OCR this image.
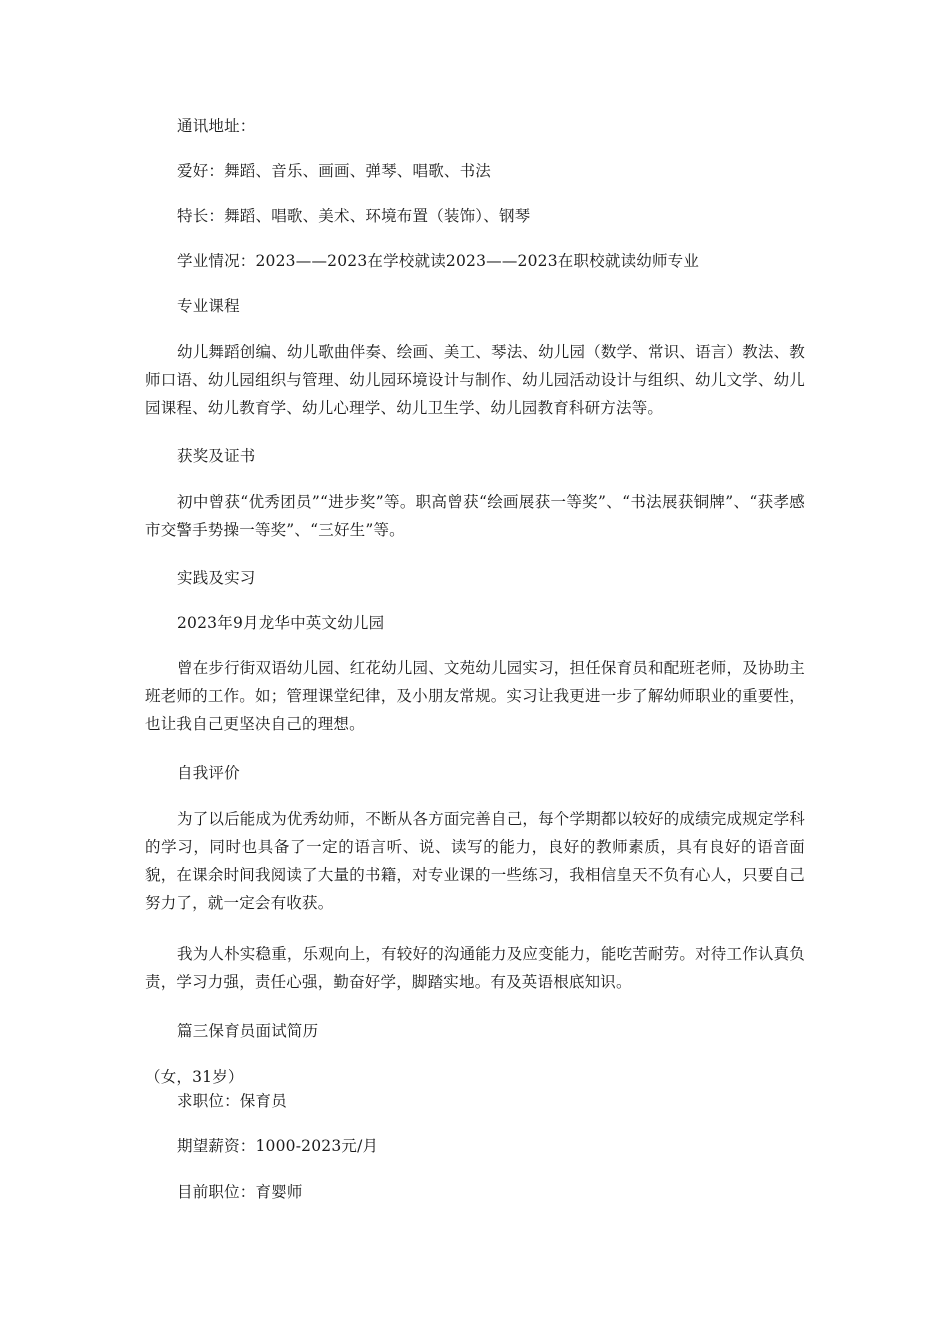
通讯地址：

爱好：舞蹈、音乐、画画、弹琴、唱歌、书法

特长：舞蹈、唱歌、美术、环境布置（装饰）、钢琴

学业情况：2023——2023在学校就读2023——2023在职校就读幼师专业

专业课程

幼儿舞蹈创编、幼儿歌曲伴奏、绘画、美工、琴法、幼儿园（数学、常识、语言）教法、教师口语、幼儿园组织与管理、幼儿园环境设计与制作、幼儿园活动设计与组织、幼儿文学、幼儿园课程、幼儿教育学、幼儿心理学、幼儿卫生学、幼儿园教育科研方法等。

获奖及证书

初中曾获“优秀团员”“进步奖”等。职高曾获“绘画展获一等奖”、“书法展获铜牌”、“获孝感市交警手势操一等奖”、“三好生”等。

实践及实习

2023年9月龙华中英文幼儿园

曾在步行街双语幼儿园、红花幼儿园、文苑幼儿园实习，担任保育员和配班老师，及协助主班老师的工作。如；管理课堂纪律，及小朋友常规。实习让我更进一步了解幼师职业的重要性，也让我自己更坚决自己的理想。

自我评价

为了以后能成为优秀幼师，不断从各方面完善自己，每个学期都以较好的成绩完成规定学科的学习，同时也具备了一定的语言听、说、读写的能力，良好的教师素质，具有良好的语音面貌，在课余时间我阅读了大量的书籍，对专业课的一些练习，我相信皇天不负有心人，只要自己努力了，就一定会有收获。

我为人朴实稳重，乐观向上，有较好的沟通能力及应变能力，能吃苦耐劳。对待工作认真负责，学习力强，责任心强，勤奋好学，脚踏实地。有及英语根底知识。

篇三保育员面试简历

（女，31岁）

求职位：保育员

期望薪资：1000-2023元/月

目前职位：育婴师
